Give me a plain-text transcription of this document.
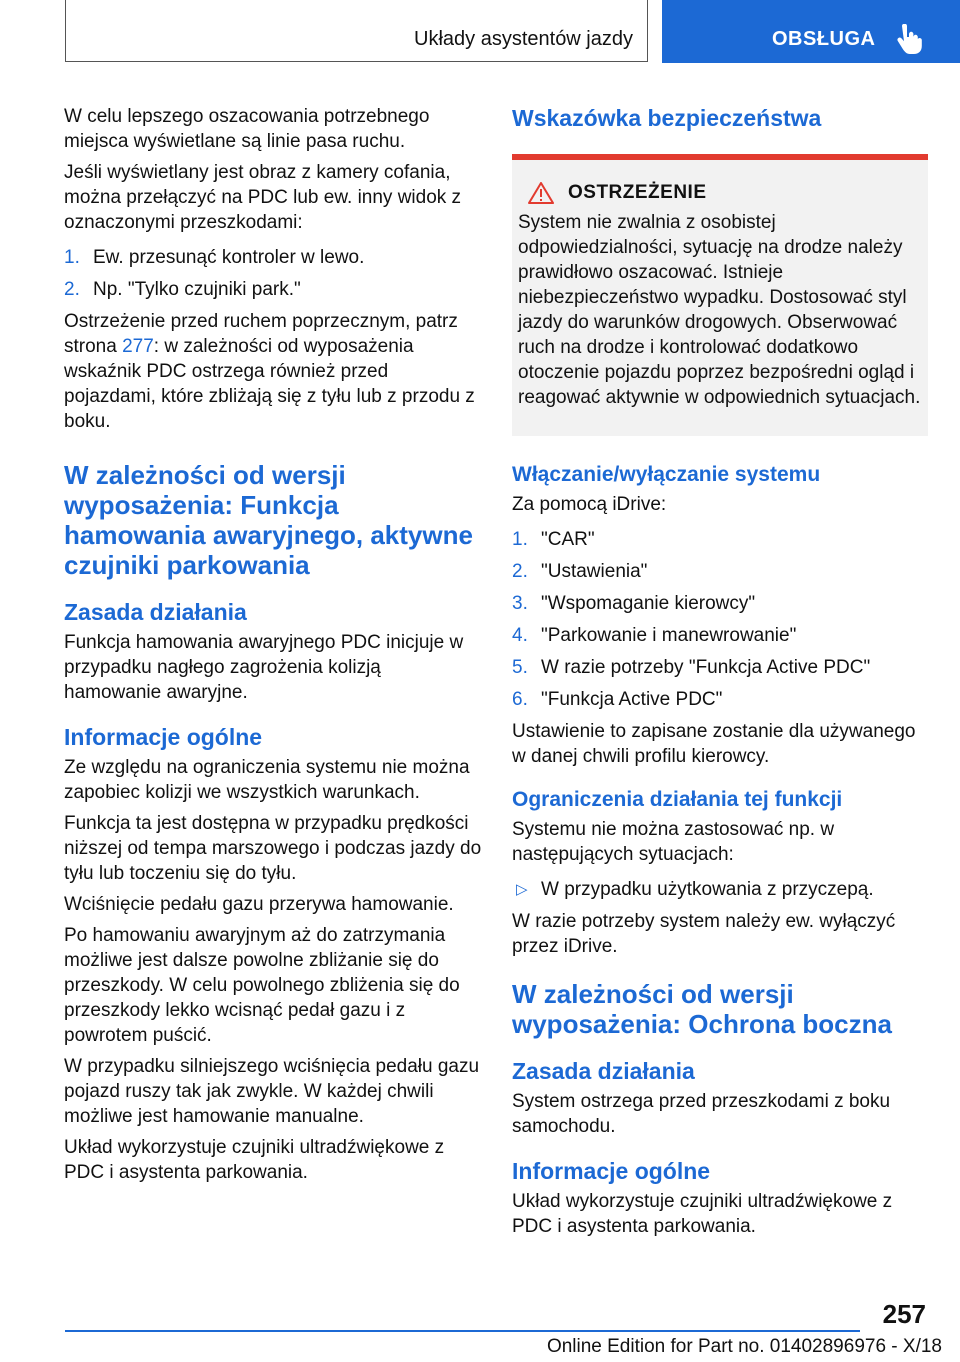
Układy asystentów jazdy	OBSŁUGA

W celu lepszego oszacowania potrzebnego miejsca wyświetlane są linie pasa ruchu.

Jeśli wyświetlany jest obraz z kamery cofania, można przełączyć na PDC lub ew. inny widok z oznaczonymi przeszkodami:

1. Ew. przesunąć kontroler w lewo.
2. Np. "Tylko czujniki park."

Ostrzeżenie przed ruchem poprzecznym, patrz strona 277: w zależności od wyposażenia wskaźnik PDC ostrzega również przed pojazdami, które zbliżają się z tyłu lub z przodu z boku.

W zależności od wersji wyposażenia: Funkcja hamowania awaryjnego, aktywne czujniki parkowania
Zasada działania

Funkcja hamowania awaryjnego PDC inicjuje w przypadku nagłego zagrożenia kolizją hamowanie awaryjne.

Informacje ogólne

Ze względu na ograniczenia systemu nie można zapobiec kolizji we wszystkich warunkach.

Funkcja ta jest dostępna w przypadku prędkości niższej od tempa marszowego i podczas jazdy do tyłu lub toczeniu się do tyłu.

Wciśnięcie pedału gazu przerywa hamowanie.

Po hamowaniu awaryjnym aż do zatrzymania możliwe jest dalsze powolne zbliżanie się do przeszkody. W celu powolnego zbliżenia się do przeszkody lekko wcisnąć pedał gazu i z powrotem puścić.

W przypadku silniejszego wciśnięcia pedału gazu pojazd ruszy tak jak zwykle. W każdej chwili możliwe jest hamowanie manualne.

Układ wykorzystuje czujniki ultradźwiękowe z PDC i asystenta parkowania.

Wskazówka bezpieczeństwa
OSTRZEŻENIE

System nie zwalnia z osobistej odpowiedzialności, sytuację na drodze należy prawidłowo oszacować. Istnieje niebezpieczeństwo wypadku. Dostosować styl jazdy do warunków drogowych. Obserwować ruch na drodze i kontrolować dodatkowo otoczenie pojazdu poprzez bezpośredni ogląd i reagować aktywnie w odpowiednich sytuacjach.

Włączanie/wyłączanie systemu

Za pomocą iDrive:

1. "CAR"
2. "Ustawienia"
3. "Wspomaganie kierowcy"
4. "Parkowanie i manewrowanie"
5. W razie potrzeby "Funkcja Active PDC"
6. "Funkcja Active PDC"

Ustawienie to zapisane zostanie dla używanego w danej chwili profilu kierowcy.

Ograniczenia działania tej funkcji

Systemu nie można zastosować np. w następujących sytuacjach:

▷ W przypadku użytkowania z przyczepą.

W razie potrzeby system należy ew. wyłączyć przez iDrive.

W zależności od wersji wyposażenia: Ochrona boczna
Zasada działania

System ostrzega przed przeszkodami z boku samochodu.

Informacje ogólne

Układ wykorzystuje czujniki ultradźwiękowe z PDC i asystenta parkowania.

257
Online Edition for Part no. 01402896976 - X/18
